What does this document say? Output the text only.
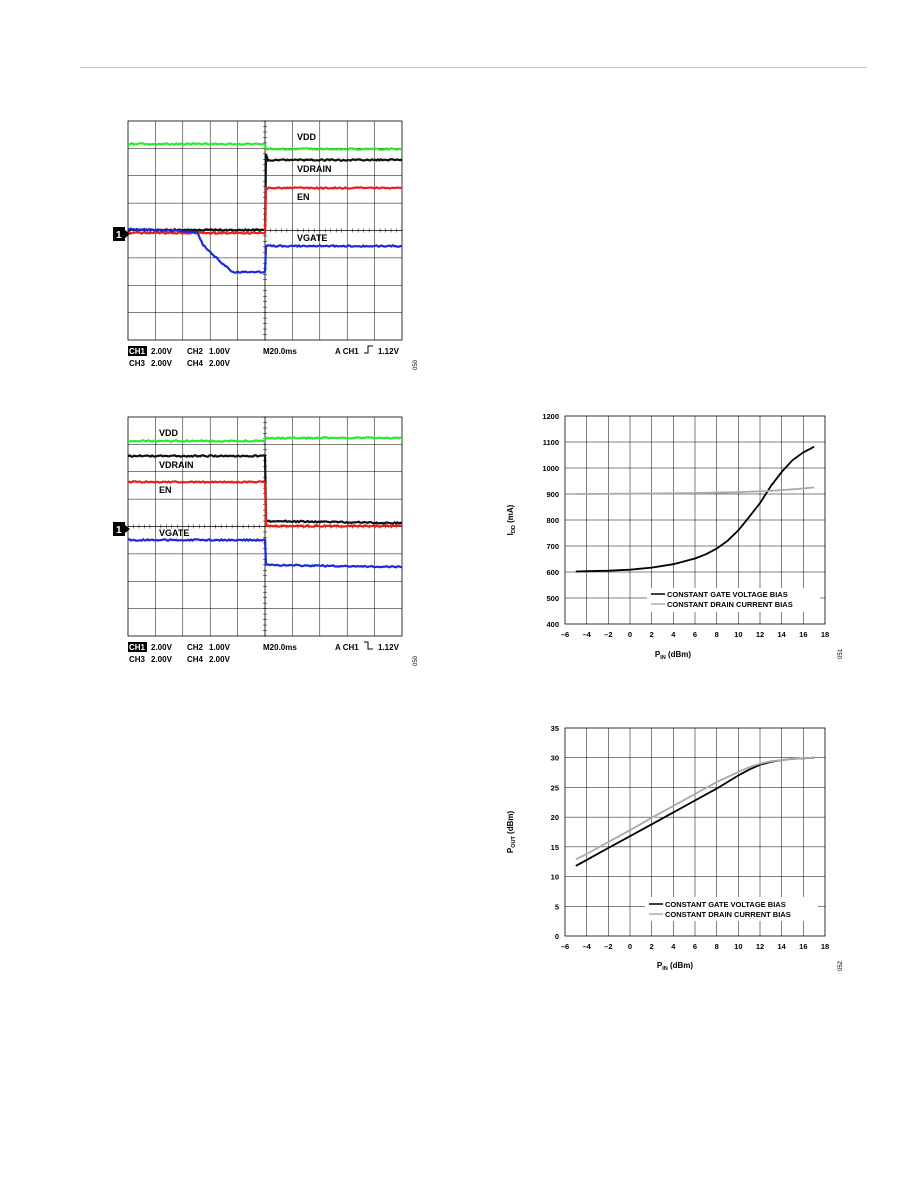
VDD
VDRAIN
EN
VGATE
1
CH1 2.00V CH2 1.00V
CH3 2.00V CH4 2.00V
M20.0ms	A CH1 1.12V
050
VDD
VDRAIN
EN
VGATE
1
CH1 2.00V CH2 1.00V
CH3 2.00V CH4 2.00V
M20.0ms	A CH1 1.12V
050
400
500
600
700
800
900
1000
1100
1200
–6 –4 –2 0 2 4 6 8 10 12 14 16 18
CONSTANT GATE VOLTAGE BIAS
CONSTANT DRAIN CURRENT BIAS
$P_{IN}$ (dBm)
$I_{DD}$ (mA)
051
0
5
10
15
20
25
30
35
–6 –4 –2 0 2 4 6 8 10 12 14 16 18
CONSTANT GATE VOLTAGE BIAS
CONSTANT DRAIN CURRENT BIAS
$P_{IN}$ (dBm)
$P_{OUT}$ (dBm)
052
